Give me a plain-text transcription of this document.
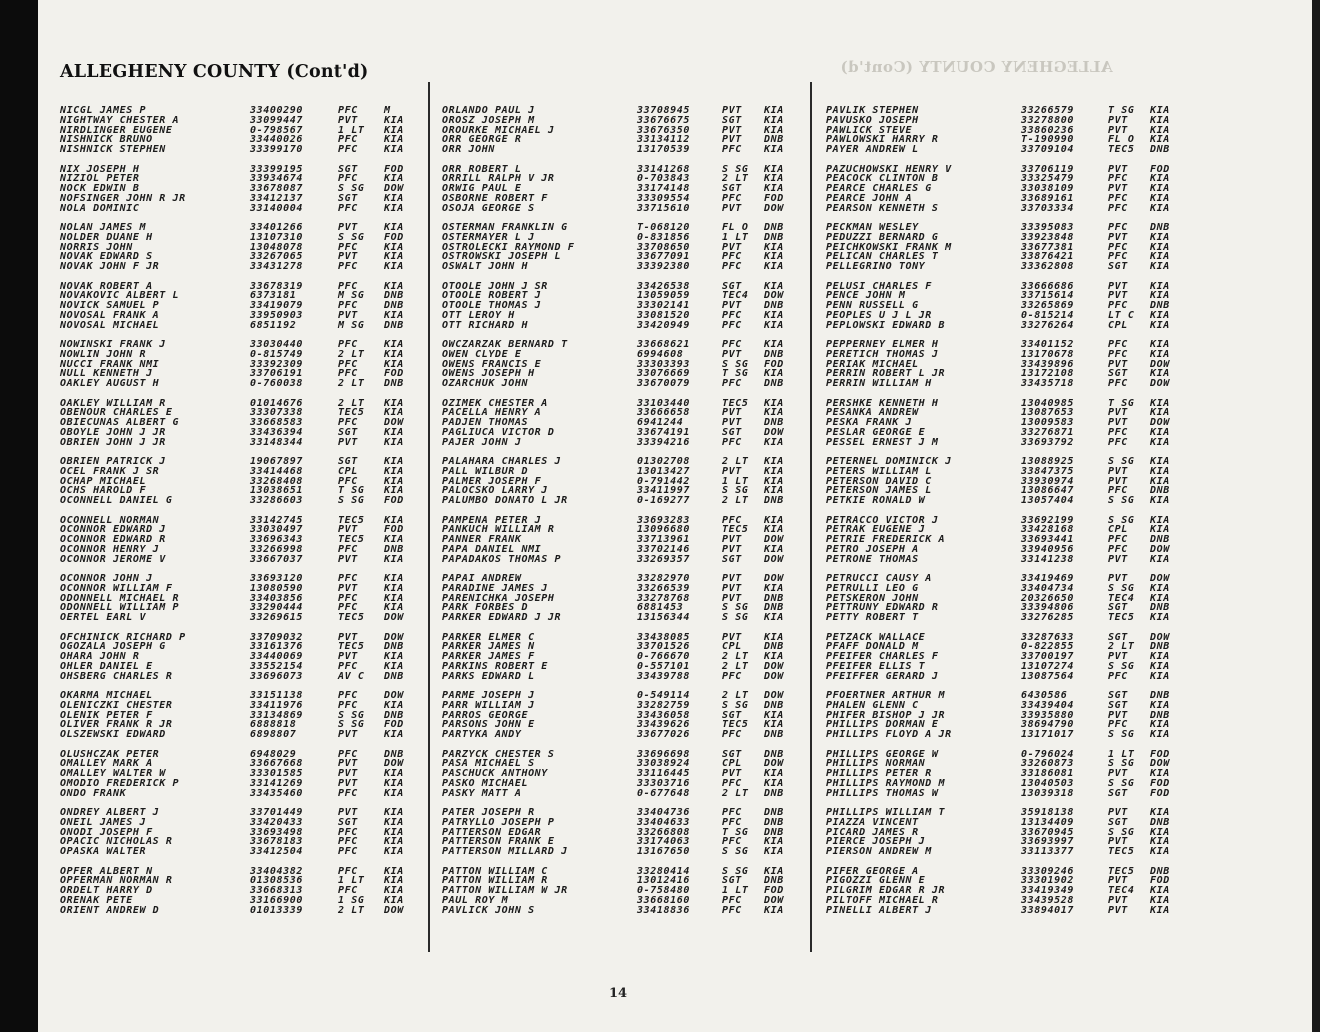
ALLEGHENY COUNTY (Cont'd)
ALLEGHENY COUNTY (Cont'd)
NICGL JAMES P	33400290	PFC	M
NIGHTWAY CHESTER A	33099447	PVT	KIA
NIRDLINGER EUGENE	0-798567	1 LT KIA
NISHNICK BRUNO	33440026	PFC	KIA
NISHNICK STEPHEN	33399170	PFC	KIA
NIX JOSEPH H	33399195	SGT	FOD
NIZIOL PETER	33934674	PFC	KIA
NOCK EDWIN B	33678087	S SG DOW
NOFSINGER JOHN R JR	33412137	SGT	KIA
NOLA DOMINIC	33140004	PFC	KIA
NOLAN JAMES M	33401266	PVT	KIA
NOLDER DUANE H	13107310	S SG FOD
NORRIS JOHN	13048078	PFC	KIA
NOVAK EDWARD S	33267065	PVT	KIA
NOVAK JOHN F JR	33431278	PFC	KIA
NOVAK ROBERT A	33678319	PFC	KIA
NOVAKOVIC ALBERT L	6373181	M SG DNB
NOVICK SAMUEL P	33419079	PFC	DNB
NOVOSAL FRANK A	33950903	PVT	KIA
NOVOSAL MICHAEL	6851192	M SG DNB
NOWINSKI FRANK J	33030440	PFC	KIA
NOWLIN JOHN R	0-815749	2 LT KIA
NUCCI FRANK NMI	33392309	PFC	KIA
NULL KENNETH J	33706191	PFC	FOD
OAKLEY AUGUST H	0-760038	2 LT DNB
OAKLEY WILLIAM R	01014676	2 LT KIA
OBENOUR CHARLES E	33307338	TEC5 KIA
OBIECUNAS ALBERT G	33668583	PFC	DOW
OBOYLE JOHN J JR	33436394	SGT	KIA
OBRIEN JOHN J JR	33148344	PVT	KIA
OBRIEN PATRICK J	19067897	SGT	KIA
OCEL FRANK J SR	33414468	CPL	KIA
OCHAP MICHAEL	33268408	PFC	KIA
OCHS HAROLD F	13038651	T SG KIA
OCONNELL DANIEL G	33286603	S SG FOD
OCONNELL NORMAN	33142745	TEC5 KIA
OCONNOR EDWARD J	33030497	PVT	FOD
OCONNOR EDWARD R	33696343	TEC5 KIA
OCONNOR HENRY J	33266998	PFC	DNB
OCONNOR JEROME V	33667037	PVT	KIA
OCONNOR JOHN J	33693120	PFC	KIA
OCONNOR WILLIAM F	13080590	PVT	KIA
ODONNELL MICHAEL R	33403856	PFC	KIA
ODONNELL WILLIAM P	33290444	PFC	KIA
OERTEL EARL V	33269615	TEC5 DOW
OFCHINICK RICHARD P	33709032	PVT	DOW
OGOZALA JOSEPH G	33161376	TEC5 DNB
OHARA JOHN R	33440069	PVT	KIA
OHLER DANIEL E	33552154	PFC	KIA
OHSBERG CHARLES R	33696073	AV C DNB
OKARMA MICHAEL	33151138	PFC	DOW
OLENICZKI CHESTER	33411976	PFC	KIA
OLENIK PETER F	33134869	S SG DNB
OLIVER FRANK R JR	6888818	S SG FOD
OLSZEWSKI EDWARD	6898807	PVT	KIA
OLUSHCZAK PETER	6948029	PFC	DNB
OMALLEY MARK A	33667668	PVT	DOW
OMALLEY WALTER W	33301585	PVT	KIA
OMODIO FREDERICK P	33141269	PVT	KIA
ONDO FRANK	33435460	PFC	KIA
ONDREY ALBERT J	33701449	PVT	KIA
ONEIL JAMES J	33420433	SGT	KIA
ONODI JOSEPH F	33693498	PFC	KIA
OPACIC NICHOLAS R	33678183	PFC	KIA
OPASKA WALTER	33412504	PFC	KIA
OPFER ALBERT N	33404382	PFC	KIA
OPFERMAN NORMAN R	01308536	1 LT KIA
ORDELT HARRY D	33668313	PFC	KIA
ORENAK PETE	33166900	1 SG KIA
ORIENT ANDREW D	01013339	2 LT DOW
ORLANDO PAUL J	33708945	PVT KIA
OROSZ JOSEPH M	33676675	SGT KIA
OROURKE MICHAEL J	33676350	PVT KIA
ORR GEORGE R	33134112	PVT DNB
ORR JOHN	13170539	PFC KIA
ORR ROBERT L	33141268	S SG KIA
ORRILL RALPH V JR	0-703843	2 LT KIA
ORWIG PAUL E	33174148	SGT KIA
OSBORNE ROBERT F	33309554	PFC FOD
OSOJA GEORGE S	33715610	PVT DOW
OSTERMAN FRANKLIN G	T-068120	FL O DNB
OSTERMAYER L J	0-831856	1 LT DNB
OSTROLECKI RAYMOND F	33708650	PVT KIA
OSTROWSKI JOSEPH L	33677091	PFC KIA
OSWALT JOHN H	33392380	PFC KIA
OTOOLE JOHN J SR	33426538	SGT KIA
OTOOLE ROBERT J	13059059	TEC4 DOW
OTOOLE THOMAS J	33302141	PVT DNB
OTT LEROY H	33081520	PFC KIA
OTT RICHARD H	33420949	PFC KIA
OWCZARZAK BERNARD T	33668621	PFC KIA
OWEN CLYDE E	6994608	PVT DNB
OWENS FRANCIS E	33303393	S SG FOD
OWENS JOSEPH H	33076669	T SG KIA
OZARCHUK JOHN	33670079	PFC DNB
OZIMEK CHESTER A	33103440	TEC5 KIA
PACELLA HENRY A	33666658	PVT KIA
PADJEN THOMAS	6941244	PVT DNB
PAGLIUCA VICTOR D	33674191	SGT DOW
PAJER JOHN J	33394216	PFC KIA
PALAHARA CHARLES J	01302708	2 LT KIA
PALL WILBUR D	13013427	PVT KIA
PALMER JOSEPH F	0-791442	1 LT KIA
PALOCSKO LARRY J	33411997	S SG KIA
PALUMBO DONATO L JR	0-169277	2 LT DNB
PAMPENA PETER J	33693283	PFC KIA
PANKUCH WILLIAM R	13096680	TEC5 KIA
PANNER FRANK	33713961	PVT DOW
PAPA DANIEL NMI	33702146	PVT KIA
PAPADAKOS THOMAS P	33269357	SGT DOW
PAPAI ANDREW	33282970	PVT DOW
PARADINE JAMES J	33266539	PVT KIA
PARENICHKA JOSEPH	33278768	PVT DNB
PARK FORBES D	6881453	S SG DNB
PARKER EDWARD J JR	13156344	S SG KIA
PARKER ELMER C	33438085	PVT KIA
PARKER JAMES N	33701526	CPL DNB
PARKER JAMES F	0-766670	2 LT KIA
PARKINS ROBERT E	0-557101	2 LT DOW
PARKS EDWARD L	33439788	PFC DOW
PARME JOSEPH J	0-549114	2 LT DOW
PARR WILLIAM J	33282759	S SG DNB
PARROS GEORGE	33436058	SGT KIA
PARSONS JOHN E	33439626	TEC5 KIA
PARTYKA ANDY	33677026	PFC DNB
PARZYCK CHESTER S	33696698	SGT DNB
PASA MICHAEL S	33038924	CPL DOW
PASCHUCK ANTHONY	33116445	PVT KIA
PASKO MICHAEL	33303716	PFC KIA
PASKY MATT A	0-677648	2 LT DNB
PATER JOSEPH R	33404736	PFC DNB
PATRYLLO JOSEPH P	33404633	PFC DNB
PATTERSON EDGAR	33266808	T SG DNB
PATTERSON FRANK E	33174063	PFC KIA
PATTERSON MILLARD J	13167650	S SG KIA
PATTON WILLIAM C	33280414	S SG KIA
PATTON WILLIAM R	13012416	SGT DNB
PATTON WILLIAM W JR	0-758480	1 LT FOD
PAUL ROY M	33668160	PFC DOW
PAVLICK JOHN S	33418836	PFC KIA
PAVLIK STEPHEN	33266579	T SG KIA
PAVUSKO JOSEPH	33278800	PVT KIA
PAWLICK STEVE	33860236	PVT KIA
PAWLOWSKI HARRY R	T-190990	FL O KIA
PAYER ANDREW L	33709104	TEC5 DNB
PAZUCHOWSKI HENRY V	33706119	PVT FOD
PEACOCK CLINTON B	33325479	PFC KIA
PEARCE CHARLES G	33038109	PVT KIA
PEARCE JOHN A	33689161	PFC KIA
PEARSON KENNETH S	33703334	PFC KIA
PECKMAN WESLEY	33395083	PFC DNB
PEDUZZI BERNARD G	33923848	PVT KIA
PEICHKOWSKI FRANK M	33677381	PFC KIA
PELICAN CHARLES T	33876421	PFC KIA
PELLEGRINO TONY	33362808	SGT KIA
PELUSI CHARLES F	33666686	PVT KIA
PENCE JOHN M	33715614	PVT KIA
PENN RUSSELL G	33265869	PFC DNB
PEOPLES U J L JR	0-815214	LT C KIA
PEPLOWSKI EDWARD B	33276264	CPL KIA
PEPPERNEY ELMER H	33401152	PFC KIA
PERETICH THOMAS J	13170678	PFC KIA
PERIAK MICHAEL	33439896	PVT DOW
PERRIN ROBERT L JR	13172108	SGT KIA
PERRIN WILLIAM H	33435718	PFC DOW
PERSHKE KENNETH H	13040985	T SG KIA
PESANKA ANDREW	13087653	PVT KIA
PESKA FRANK J	13009583	PVT DOW
PESLAR GEORGE E	33276871	PFC KIA
PESSEL ERNEST J M	33693792	PFC KIA
PETERNEL DOMINICK J	13088925	S SG KIA
PETERS WILLIAM L	33847375	PVT KIA
PETERSON DAVID C	33930974	PVT KIA
PETERSON JAMES L	13086647	PFC DNB
PETKIE RONALD W	13057404	S SG KIA
PETRACCO VICTOR J	33692199	S SG KIA
PETRAK EUGENE J	33428168	CPL KIA
PETRIE FREDERICK A	33693441	PFC DNB
PETRO JOSEPH A	33940956	PFC DOW
PETRONE THOMAS	33141238	PVT KIA
PETRUCCI CAUSY A	33419469	PVT DOW
PETRULLI LEO G	33404734	S SG KIA
PETSKERON JOHN	20326650	TEC4 KIA
PETTRUNY EDWARD R	33394806	SGT DNB
PETTY ROBERT T	33276285	TEC5 KIA
PETZACK WALLACE	33287633	SGT DOW
PFAFF DONALD M	0-822855	2 LT DNB
PFEIFER CHARLES F	33700197	PVT KIA
PFEIFER ELLIS T	13107274	S SG KIA
PFEIFFER GERARD J	13087564	PFC KIA
PFOERTNER ARTHUR M	6430586	SGT DNB
PHALEN GLENN C	33439404	SGT KIA
PHIFER BISHOP J JR	33935880	PVT DNB
PHILLIPS DORMAN E	38694790	PFC KIA
PHILLIPS FLOYD A JR	13171017	S SG KIA
PHILLIPS GEORGE W	0-796024	1 LT FOD
PHILLIPS NORMAN	33260873	S SG DOW
PHILLIPS PETER R	33186081	PVT KIA
PHILLIPS RAYMOND M	13040503	S SG FOD
PHILLIPS THOMAS W	13039318	SGT FOD
PHILLIPS WILLIAM T	35918138	PVT KIA
PIAZZA VINCENT	13134409	SGT DNB
PICARD JAMES R	33670945	S SG KIA
PIERCE JOSEPH J	33693997	PVT KIA
PIERSON ANDREW M	33113377	TEC5 KIA
PIFER GEORGE A	33309246	TEC5 DNB
PIGOZZI GLENN E	33301902	PVT FOD
PILGRIM EDGAR R JR	33419349	TEC4 KIA
PILTOFF MICHAEL R	33439528	PVT KIA
PINELLI ALBERT J	33894017	PVT KIA
14
